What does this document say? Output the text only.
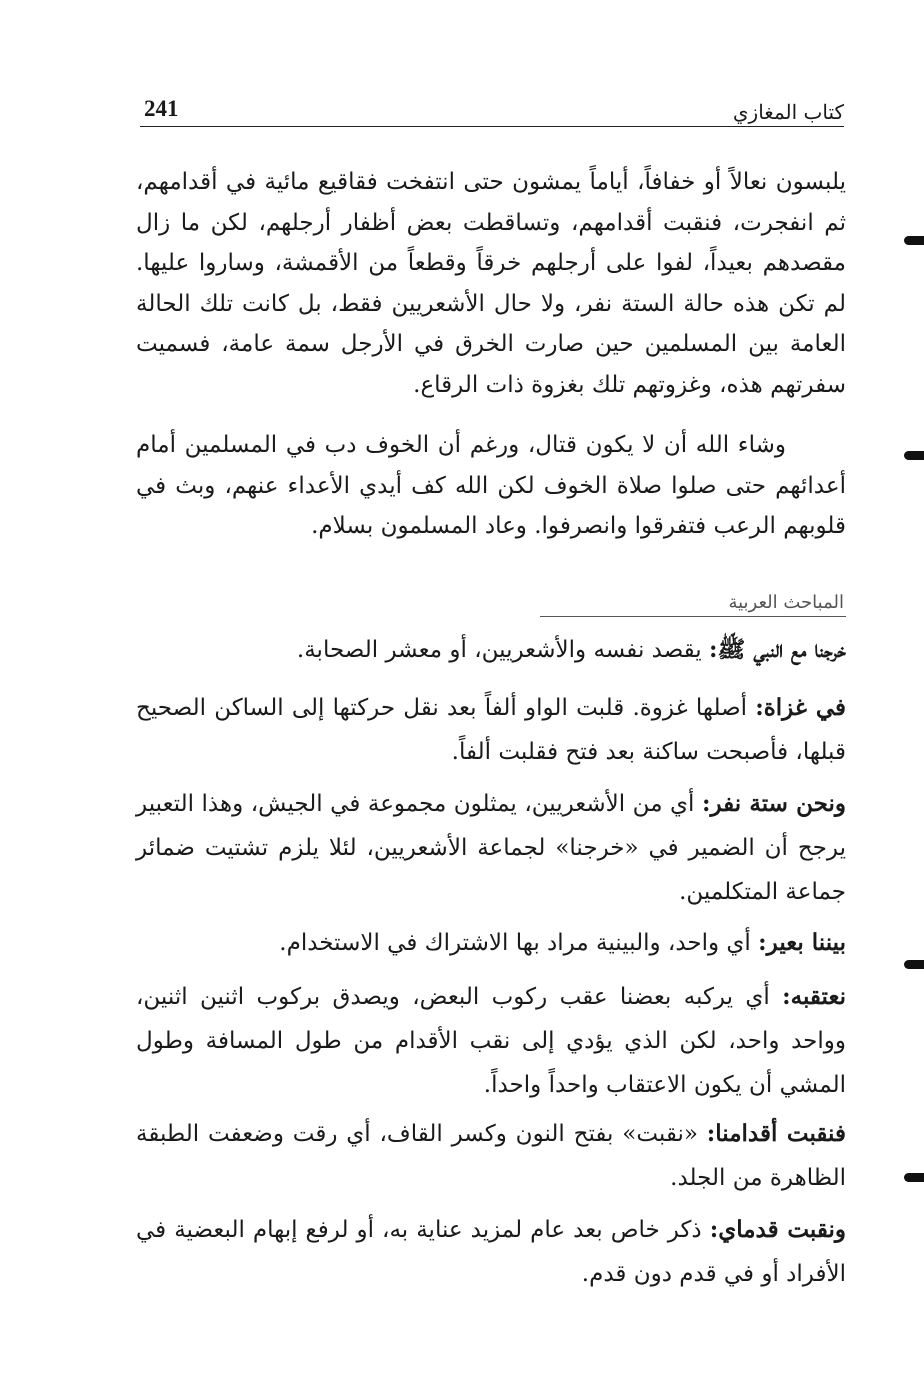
241	كتاب المغازي

يلبسون نعالاً أو خفافاً، أياماً يمشون حتى انتفخت فقاقيع مائية في أقدامهم، ثم انفجرت، فنقبت أقدامهم، وتساقطت بعض أظفار أرجلهم، لكن ما زال مقصدهم بعيداً، لفوا على أرجلهم خرقاً وقطعاً من الأقمشة، وساروا عليها. لم تكن هذه حالة الستة نفر، ولا حال الأشعريين فقط، بل كانت تلك الحالة العامة بين المسلمين حين صارت الخرق في الأرجل سمة عامة، فسميت سفرتهم هذه، وغزوتهم تلك بغزوة ذات الرقاع.

وشاء الله أن لا يكون قتال، ورغم أن الخوف دب في المسلمين أمام أعدائهم حتى صلوا صلاة الخوف لكن الله كف أيدي الأعداء عنهم، وبث في قلوبهم الرعب فتفرقوا وانصرفوا. وعاد المسلمون بسلام.

المباحث العربية
خرجنا مع النبي ﷺ: يقصد نفسه والأشعريين، أو معشر الصحابة.
في غزاة: أصلها غزوة. قلبت الواو ألفاً بعد نقل حركتها إلى الساكن الصحيح قبلها، فأصبحت ساكنة بعد فتح فقلبت ألفاً.
ونحن ستة نفر: أي من الأشعريين، يمثلون مجموعة في الجيش، وهذا التعبير يرجح أن الضمير في «خرجنا» لجماعة الأشعريين، لئلا يلزم تشتيت ضمائر جماعة المتكلمين.
بيننا بعير: أي واحد، والبينية مراد بها الاشتراك في الاستخدام.
نعتقبه: أي يركبه بعضنا عقب ركوب البعض، ويصدق بركوب اثنين اثنين، وواحد واحد، لكن الذي يؤدي إلى نقب الأقدام من طول المسافة وطول المشي أن يكون الاعتقاب واحداً واحداً.
فنقبت أقدامنا: «نقبت» بفتح النون وكسر القاف، أي رقت وضعفت الطبقة الظاهرة من الجلد.
ونقبت قدماي: ذكر خاص بعد عام لمزيد عناية به، أو لرفع إبهام البعضية في الأفراد أو في قدم دون قدم.
